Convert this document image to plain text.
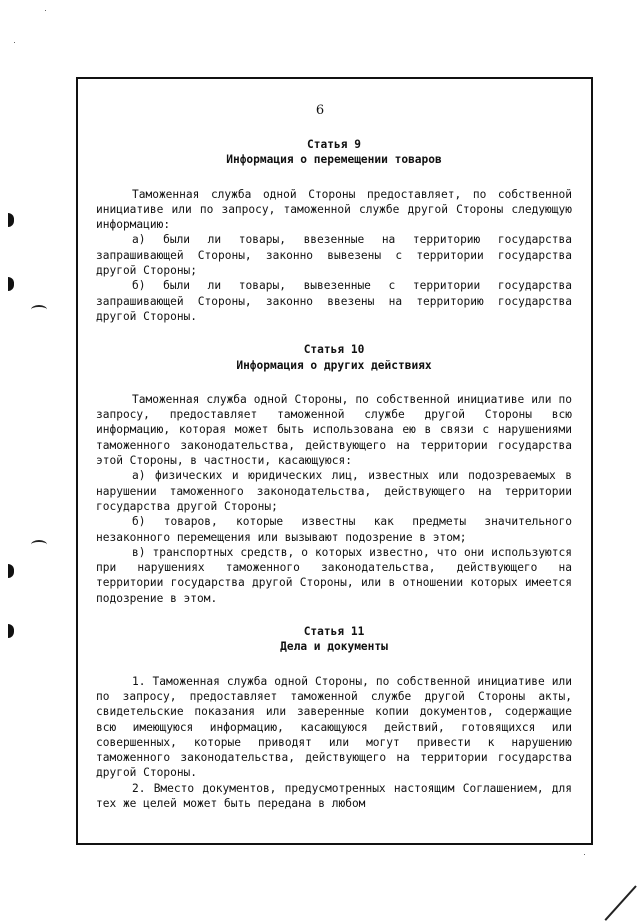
6
Статья 9
Информация о перемещении товаров

Таможенная служба одной Стороны предоставляет, по собственной инициативе или по запросу, таможенной службе другой Стороны следующую информацию:

а) были ли товары, ввезенные на территорию государства запрашивающей Стороны, законно вывезены с территории государства другой Стороны;

б) были ли товары, вывезенные с территории государства запрашивающей Стороны, законно ввезены на территорию государства другой Стороны.

Статья 10
Информация о других действиях

Таможенная служба одной Стороны, по собственной инициативе или по запросу, предоставляет таможенной службе другой Стороны всю информацию, которая может быть использована ею в связи с нарушениями таможенного законодательства, действующего на территории государства этой Стороны, в частности, касающуюся:

а) физических и юридических лиц, известных или подозреваемых в нарушении таможенного законодательства, действующего на территории государства другой Стороны;

б) товаров, которые известны как предметы значительного незаконного перемещения или вызывают подозрение в этом;

в) транспортных средств, о которых известно, что они используются при нарушениях таможенного законодательства, действующего на территории государства другой Стороны, или в отношении которых имеется подозрение в этом.

Статья 11
Дела и документы

1. Таможенная служба одной Стороны, по собственной инициативе или по запросу, предоставляет таможенной службе другой Стороны акты, свидетельские показания или заверенные копии документов, содержащие всю имеющуюся информацию, касающуюся действий, готовящихся или совершенных, которые приводят или могут привести к нарушению таможенного законодательства, действующего на территории государства другой Стороны.

2. Вместо документов, предусмотренных настоящим Соглашением, для тех же целей может быть передана в любом
